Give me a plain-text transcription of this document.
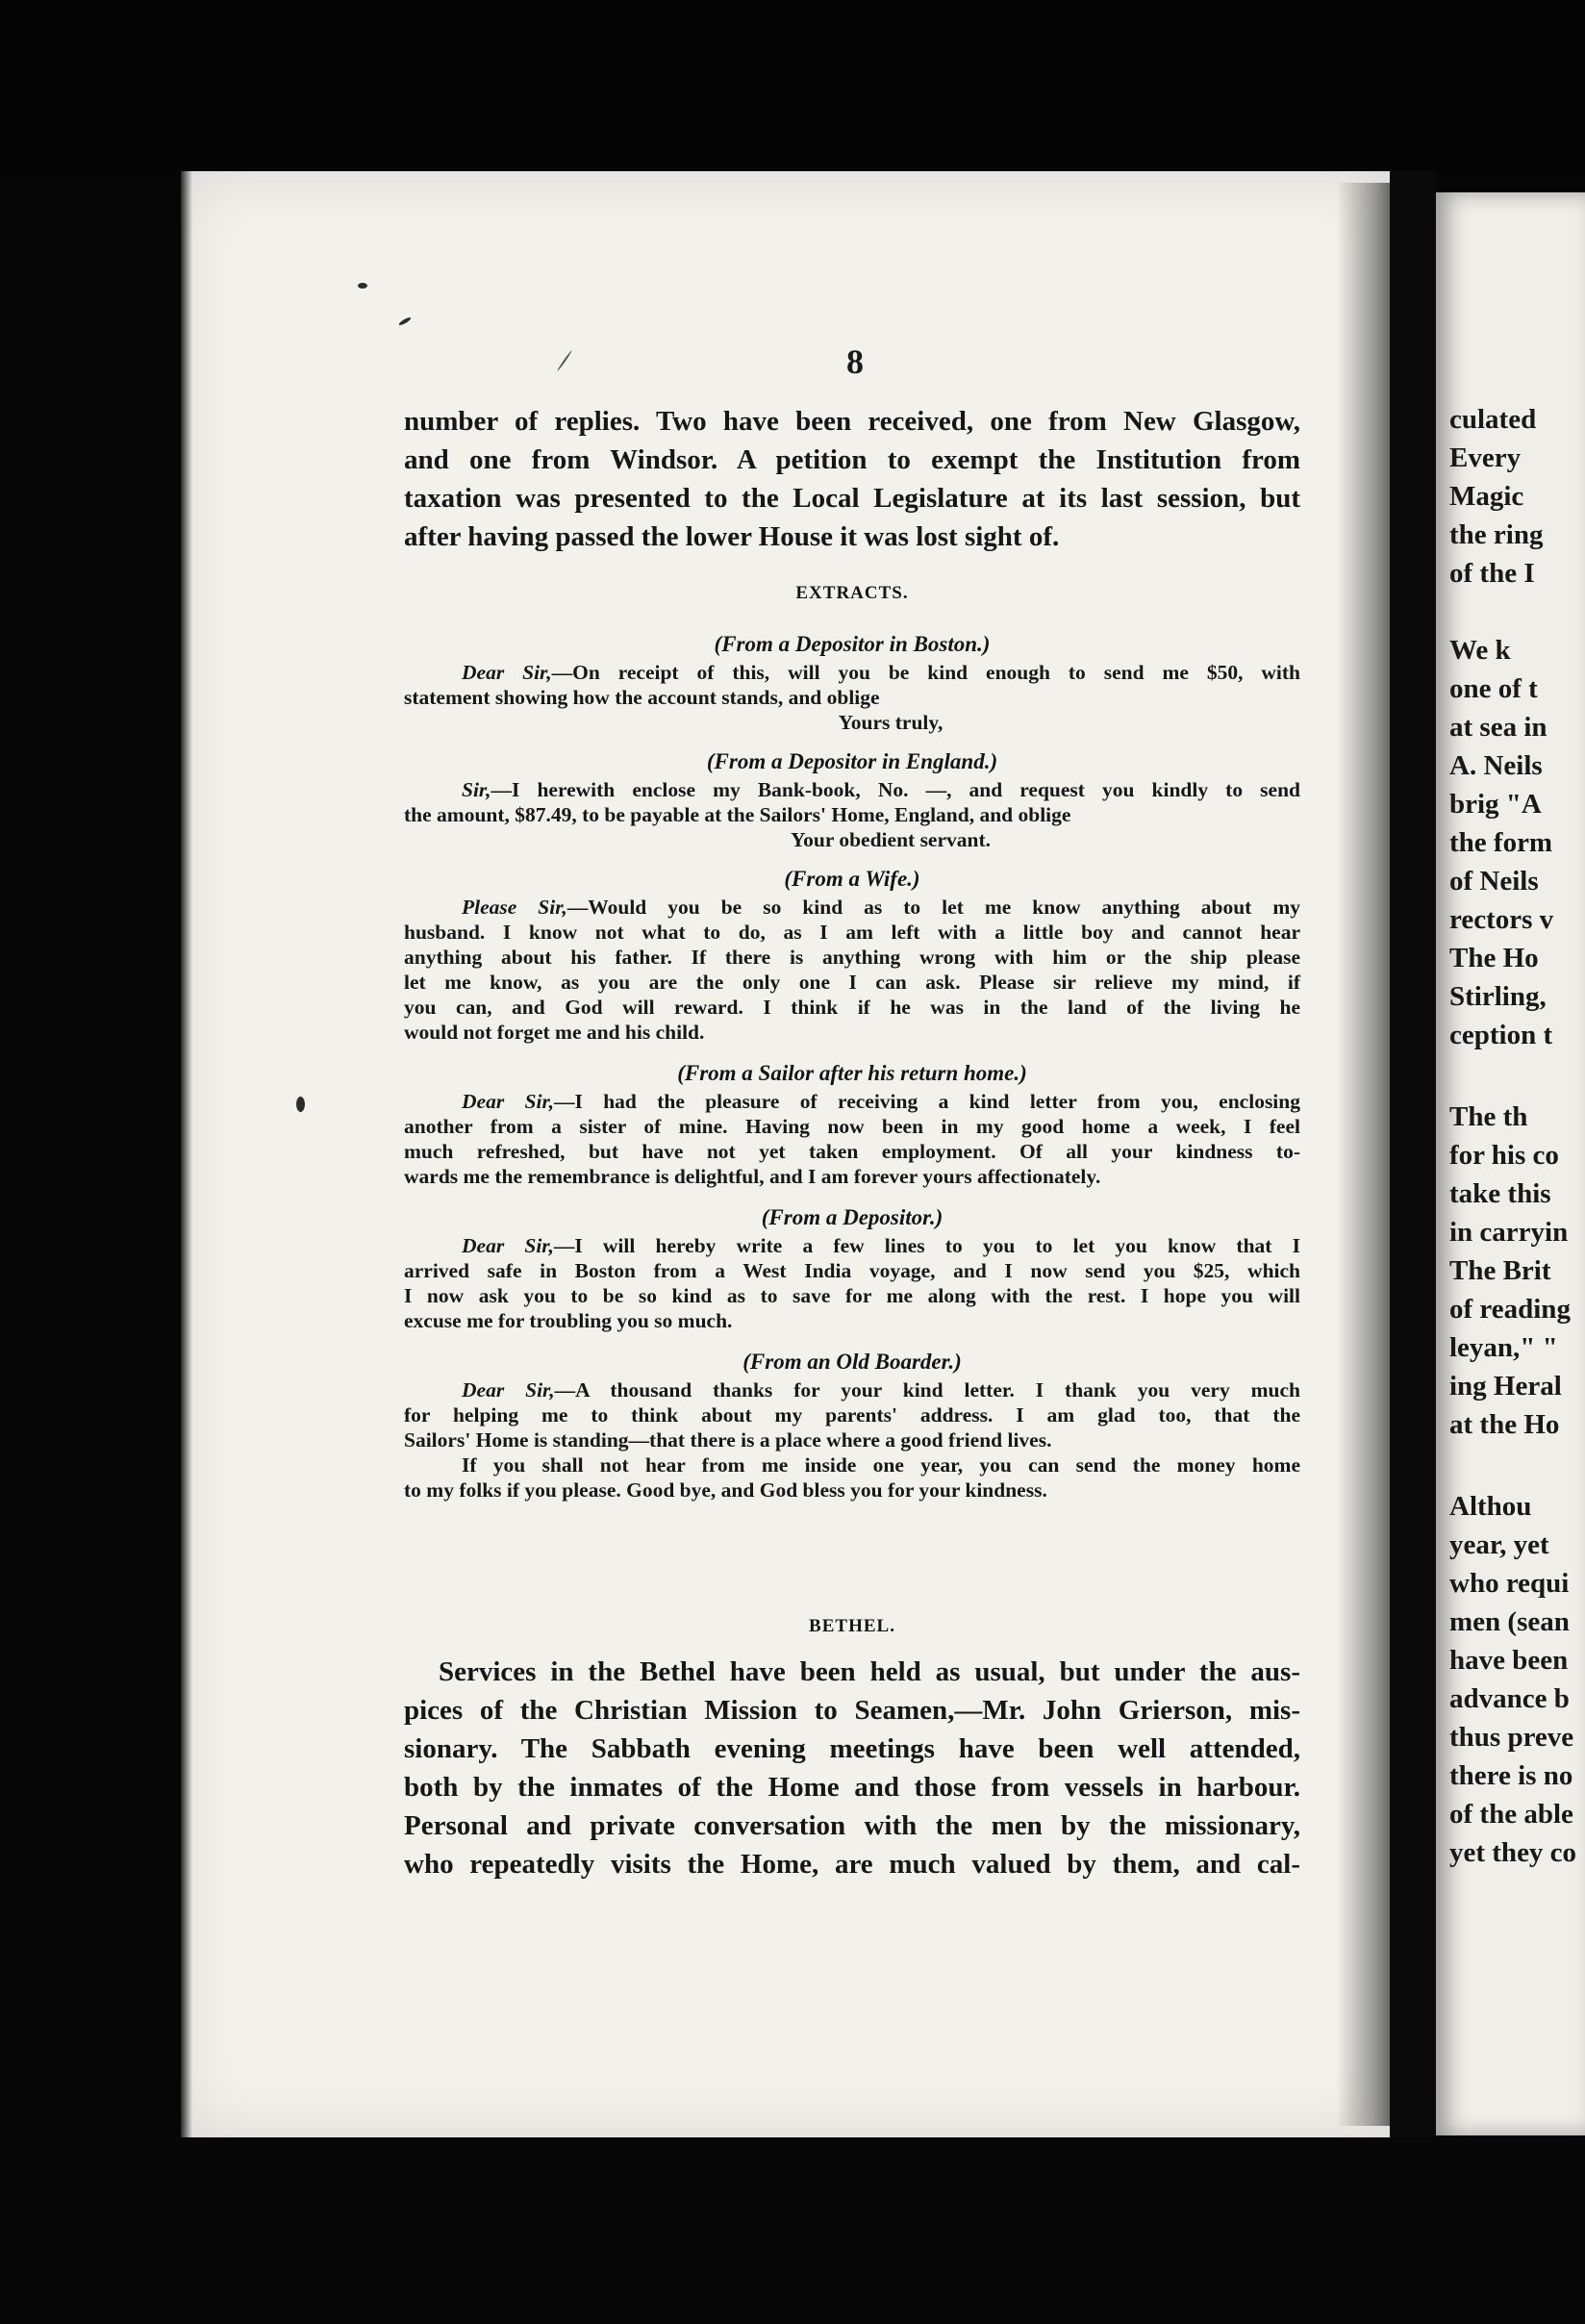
culated
Every
Magic
the ring
of the I
We k
one of t
at sea in
A. Neils
brig "A
the form
of Neils
rectors v
The Ho
Stirling,
ception t
The th
for his co
take this
in carryin
The Brit
of reading
leyan," "
ing Heral
at the Ho
Althou
year, yet
who requi
men (sean
have been
advance b
thus preve
there is no
of the able
yet they co
8
number of replies. Two have been received, one from New Glasgow,
and one from Windsor. A petition to exempt the Institution from
taxation was presented to the Local Legislature at its last session, but
after having passed the lower House it was lost sight of.
EXTRACTS.
(From a Depositor in Boston.)
Dear Sir,—On receipt of this, will you be kind enough to send me $50, with
statement showing how the account stands, and oblige
Yours truly,
(From a Depositor in England.)
Sir,—I herewith enclose my Bank-book, No. —, and request you kindly to send
the amount, $87.49, to be payable at the Sailors' Home, England, and oblige
Your obedient servant.
(From a Wife.)
Please Sir,—Would you be so kind as to let me know anything about my
husband. I know not what to do, as I am left with a little boy and cannot hear
anything about his father. If there is anything wrong with him or the ship please
let me know, as you are the only one I can ask. Please sir relieve my mind, if
you can, and God will reward. I think if he was in the land of the living he
would not forget me and his child.
(From a Sailor after his return home.)
Dear Sir,—I had the pleasure of receiving a kind letter from you, enclosing
another from a sister of mine. Having now been in my good home a week, I feel
much refreshed, but have not yet taken employment. Of all your kindness to-
wards me the remembrance is delightful, and I am forever yours affectionately.
(From a Depositor.)
Dear Sir,—I will hereby write a few lines to you to let you know that I
arrived safe in Boston from a West India voyage, and I now send you $25, which
I now ask you to be so kind as to save for me along with the rest. I hope you will
excuse me for troubling you so much.
(From an Old Boarder.)
Dear Sir,—A thousand thanks for your kind letter. I thank you very much
for helping me to think about my parents' address. I am glad too, that the
Sailors' Home is standing—that there is a place where a good friend lives.
If you shall not hear from me inside one year, you can send the money home
to my folks if you please. Good bye, and God bless you for your kindness.
BETHEL.
Services in the Bethel have been held as usual, but under the aus-
pices of the Christian Mission to Seamen,—Mr. John Grierson, mis-
sionary. The Sabbath evening meetings have been well attended,
both by the inmates of the Home and those from vessels in harbour.
Personal and private conversation with the men by the missionary,
who repeatedly visits the Home, are much valued by them, and cal-
